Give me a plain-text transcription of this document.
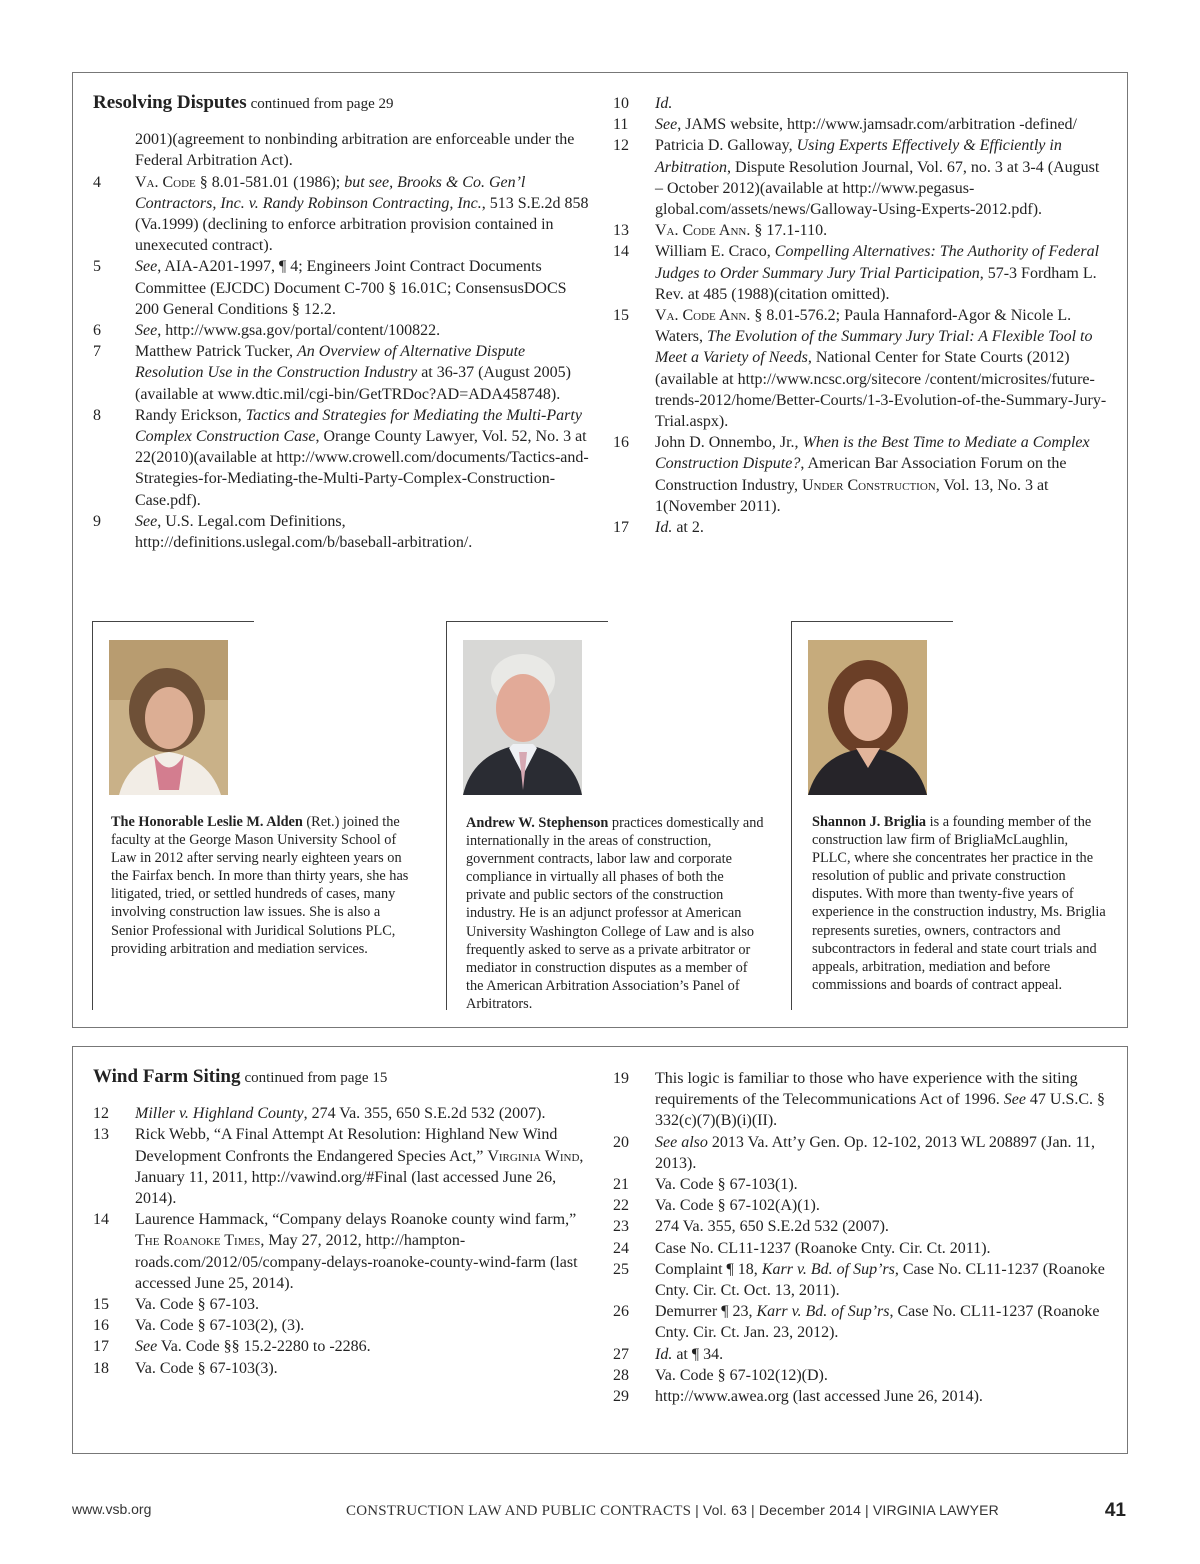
Resolving Disputes continued from page 29
2001)(agreement to nonbinding arbitration are enforceable under the Federal Arbitration Act).
4	Va. Code § 8.01-581.01 (1986); but see, Brooks & Co. Gen’l Contractors, Inc. v. Randy Robinson Contracting, Inc., 513 S.E.2d 858 (Va.1999) (declining to enforce arbitration provision contained in unexecuted contract).
5	See, AIA-A201-1997, ¶ 4; Engineers Joint Contract Documents Committee (EJCDC) Document C-700 § 16.01C; ConsensusDOCS 200 General Conditions § 12.2.
6	See, http://www.gsa.gov/portal/content/100822.
7	Matthew Patrick Tucker, An Overview of Alternative Dispute Resolution Use in the Construction Industry at 36-37 (August 2005)(available at www.dtic.mil/cgi-bin/GetTRDoc?AD=ADA458748).
8	Randy Erickson, Tactics and Strategies for Mediating the Multi-Party Complex Construction Case, Orange County Lawyer, Vol. 52, No. 3 at 22(2010)(available at http://www.crowell.com/documents/Tactics-and-Strategies-for-Mediating-the-Multi-Party-Complex-Construction-Case.pdf).
9	See, U.S. Legal.com Definitions, http://definitions.uslegal.com/b/baseball-arbitration/.
10	Id.
11	See, JAMS website, http://www.jamsadr.com/arbitration -defined/
12	Patricia D. Galloway, Using Experts Effectively & Efficiently in Arbitration, Dispute Resolution Journal, Vol. 67, no. 3 at 3-4 (August – October 2012)(available at http://www.pegasus-global.com/assets/news/Galloway-Using-Experts-2012.pdf).
13	Va. Code Ann. § 17.1-110.
14	William E. Craco, Compelling Alternatives: The Authority of Federal Judges to Order Summary Jury Trial Participation, 57-3 Fordham L. Rev. at 485 (1988)(citation omitted).
15	Va. Code Ann. § 8.01-576.2; Paula Hannaford-Agor & Nicole L. Waters, The Evolution of the Summary Jury Trial: A Flexible Tool to Meet a Variety of Needs, National Center for State Courts (2012)(available at http://www.ncsc.org/sitecore /content/microsites/future-trends-2012/home/Better-Courts/1-3-Evolution-of-the-Summary-Jury-Trial.aspx).
16	John D. Onnembo, Jr., When is the Best Time to Mediate a Complex Construction Dispute?, American Bar Association Forum on the Construction Industry, Under Construction, Vol. 13, No. 3 at 1(November 2011).
17	Id. at 2.
The Honorable Leslie M. Alden (Ret.) joined the faculty at the George Mason University School of Law in 2012 after serving nearly eighteen years on the Fairfax bench. In more than thirty years, she has litigated, tried, or settled hundreds of cases, many involving construction law issues. She is also a Senior Professional with Juridical Solutions PLC, providing arbitration and mediation services.
Andrew W. Stephenson practices domestically and internationally in the areas of construction, government contracts, labor law and corporate compliance in virtually all phases of both the private and public sectors of the construction industry. He is an adjunct professor at American University Washington College of Law and is also frequently asked to serve as a private arbitrator or mediator in construction disputes as a member of the American Arbitration Association’s Panel of Arbitrators.
Shannon J. Briglia is a founding member of the construction law firm of BrigliaMcLaughlin, PLLC, where she concentrates her practice in the resolution of public and private construction disputes. With more than twenty-five years of experience in the construction industry, Ms. Briglia represents sureties, owners, contractors and subcontractors in federal and state court trials and appeals, arbitration, mediation and before commissions and boards of contract appeal.
Wind Farm Siting continued from page 15
12	Miller v. Highland County, 274 Va. 355, 650 S.E.2d 532 (2007).
13	Rick Webb, “A Final Attempt At Resolution: Highland New Wind Development Confronts the Endangered Species Act,” Virginia Wind, January 11, 2011, http://vawind.org/#Final (last accessed June 26, 2014).
14	Laurence Hammack, “Company delays Roanoke county wind farm,” The Roanoke Times, May 27, 2012, http://hampton-roads.com/2012/05/company-delays-roanoke-county-wind-farm (last accessed June 25, 2014).
15	Va. Code § 67-103.
16	Va. Code § 67-103(2), (3).
17	See Va. Code §§ 15.2-2280 to -2286.
18	Va. Code § 67-103(3).
19	This logic is familiar to those who have experience with the siting requirements of the Telecommunications Act of 1996. See 47 U.S.C. § 332(c)(7)(B)(i)(II).
20	See also 2013 Va. Att’y Gen. Op. 12-102, 2013 WL 208897 (Jan. 11, 2013).
21	Va. Code § 67-103(1).
22	Va. Code § 67-102(A)(1).
23	274 Va. 355, 650 S.E.2d 532 (2007).
24	Case No. CL11-1237 (Roanoke Cnty. Cir. Ct. 2011).
25	Complaint ¶ 18, Karr v. Bd. of Sup’rs, Case No. CL11-1237 (Roanoke Cnty. Cir. Ct. Oct. 13, 2011).
26	Demurrer ¶ 23, Karr v. Bd. of Sup’rs, Case No. CL11-1237 (Roanoke Cnty. Cir. Ct. Jan. 23, 2012).
27	Id. at ¶ 34.
28	Va. Code § 67-102(12)(D).
29	http://www.awea.org (last accessed June 26, 2014).
www.vsb.org	CONSTRUCTION LAW AND PUBLIC CONTRACTS | Vol. 63 | December 2014 | VIRGINIA LAWYER	41
